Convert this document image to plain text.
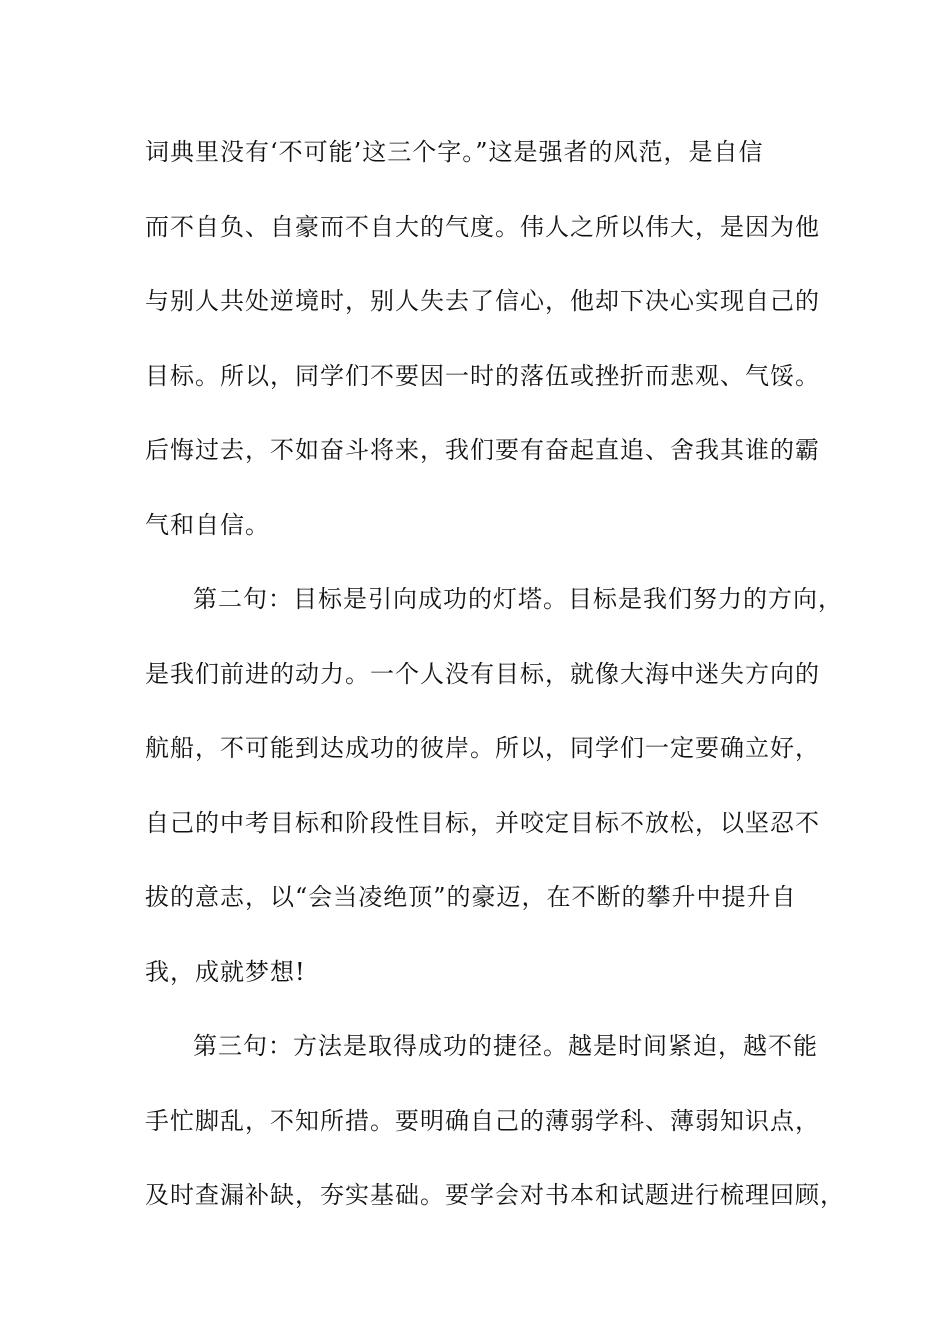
词典里没有‘不可能’这三个字。”这是强者的风范，是自信
而不自负、自豪而不自大的气度。伟人之所以伟大，是因为他
与别人共处逆境时，别人失去了信心，他却下决心实现自己的
目标。所以，同学们不要因一时的落伍或挫折而悲观、气馁。
后悔过去，不如奋斗将来，我们要有奋起直追、舍我其谁的霸
气和自信。
第二句：目标是引向成功的灯塔。目标是我们努力的方向，
是我们前进的动力。一个人没有目标，就像大海中迷失方向的
航船，不可能到达成功的彼岸。所以，同学们一定要确立好，
自己的中考目标和阶段性目标，并咬定目标不放松，以坚忍不
拔的意志，以“会当凌绝顶”的豪迈，在不断的攀升中提升自
我，成就梦想!
第三句：方法是取得成功的捷径。越是时间紧迫，越不能
手忙脚乱，不知所措。要明确自己的薄弱学科、薄弱知识点，
及时查漏补缺，夯实基础。要学会对书本和试题进行梳理回顾，
